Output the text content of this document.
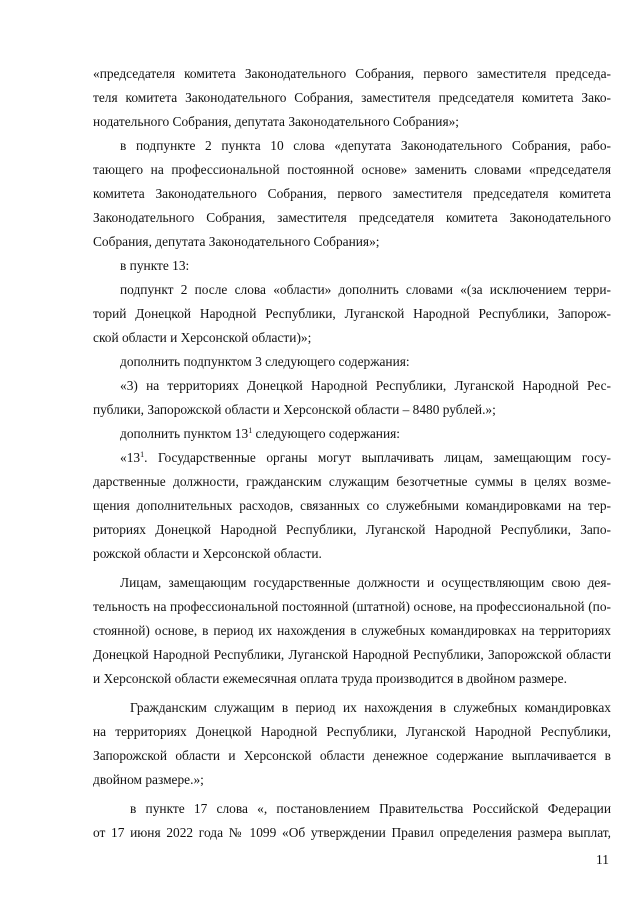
«председателя комитета Законодательного Собрания, первого заместителя председа-
теля комитета Законодательного Собрания, заместителя председателя комитета Зако-
нодательного Собрания, депутата Законодательного Собрания»;
в подпункте 2 пункта 10 слова «депутата Законодательного Собрания, рабо-
тающего на профессиональной постоянной основе» заменить словами «председателя
комитета Законодательного Собрания, первого заместителя председателя комитета
Законодательного Собрания, заместителя председателя комитета Законодательного
Собрания, депутата Законодательного Собрания»;
в пункте 13:
подпункт 2 после слова «области» дополнить словами «(за исключением терри-
торий Донецкой Народной Республики, Луганской Народной Республики, Запорож-
ской области и Херсонской области)»;
дополнить подпунктом 3 следующего содержания:
«3) на территориях Донецкой Народной Республики, Луганской Народной Рес-
публики, Запорожской области и Херсонской области – 8480 рублей.»;
дополнить пунктом $13^1$ следующего содержания:
«$13^1$. Государственные органы могут выплачивать лицам, замещающим госу-
дарственные должности, гражданским служащим безотчетные суммы в целях возме-
щения дополнительных расходов, связанных со служебными командировками на тер-
риториях Донецкой Народной Республики, Луганской Народной Республики, Запо-
рожской области и Херсонской области.
Лицам, замещающим государственные должности и осуществляющим свою дея-
тельность на профессиональной постоянной (штатной) основе, на профессиональной (по-
стоянной) основе, в период их нахождения в служебных командировках на территориях
Донецкой Народной Республики, Луганской Народной Республики, Запорожской области
и Херсонской области ежемесячная оплата труда производится в двойном размере.
Гражданским служащим в период их нахождения в служебных командировках
на территориях Донецкой Народной Республики, Луганской Народной Республики,
Запорожской области и Херсонской области денежное содержание выплачивается в
двойном размере.»;
в пункте 17 слова «, постановлением Правительства Российской Федерации
от 17 июня 2022 года № 1099 «Об утверждении Правил определения размера выплат,
11
